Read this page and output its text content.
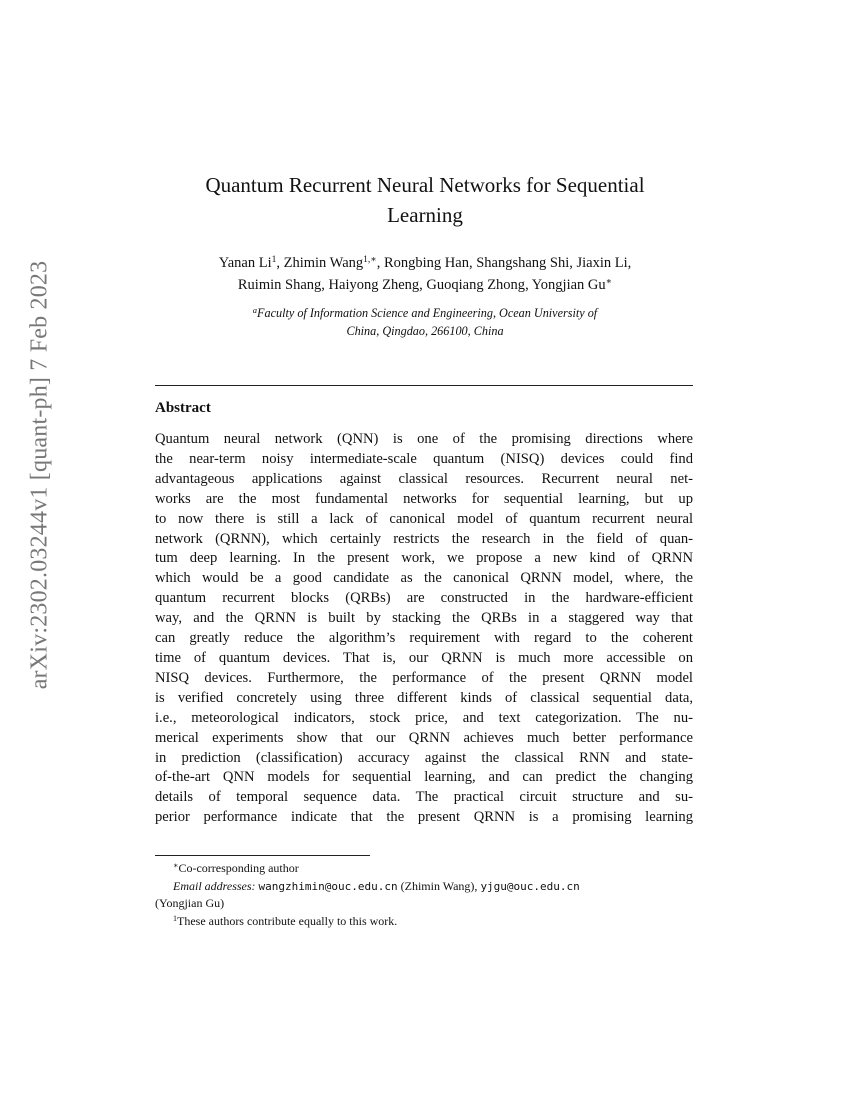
arXiv:2302.03244v1 [quant-ph] 7 Feb 2023
Quantum Recurrent Neural Networks for Sequential
Learning
Yanan Li$^1$, Zhimin Wang$^{1,∗}$, Rongbing Han, Shangshang Shi, Jiaxin Li,
Ruimin Shang, Haiyong Zheng, Guoqiang Zhong, Yongjian Gu∗
$^a$Faculty of Information Science and Engineering, Ocean University of
China, Qingdao, 266100, China
Abstract
Quantum neural network (QNN) is one of the promising directions where
the near-term noisy intermediate-scale quantum (NISQ) devices could find
advantageous applications against classical resources. Recurrent neural net-
works are the most fundamental networks for sequential learning, but up
to now there is still a lack of canonical model of quantum recurrent neural
network (QRNN), which certainly restricts the research in the field of quan-
tum deep learning. In the present work, we propose a new kind of QRNN
which would be a good candidate as the canonical QRNN model, where, the
quantum recurrent blocks (QRBs) are constructed in the hardware-efficient
way, and the QRNN is built by stacking the QRBs in a staggered way that
can greatly reduce the algorithm’s requirement with regard to the coherent
time of quantum devices. That is, our QRNN is much more accessible on
NISQ devices. Furthermore, the performance of the present QRNN model
is verified concretely using three different kinds of classical sequential data,
i.e., meteorological indicators, stock price, and text categorization. The nu-
merical experiments show that our QRNN achieves much better performance
in prediction (classification) accuracy against the classical RNN and state-
of-the-art QNN models for sequential learning, and can predict the changing
details of temporal sequence data. The practical circuit structure and su-
perior performance indicate that the present QRNN is a promising learning
∗Co-corresponding author
Email addresses: wangzhimin@ouc.edu.cn (Zhimin Wang), yjgu@ouc.edu.cn
(Yongjian Gu)
$^1$These authors contribute equally to this work.
